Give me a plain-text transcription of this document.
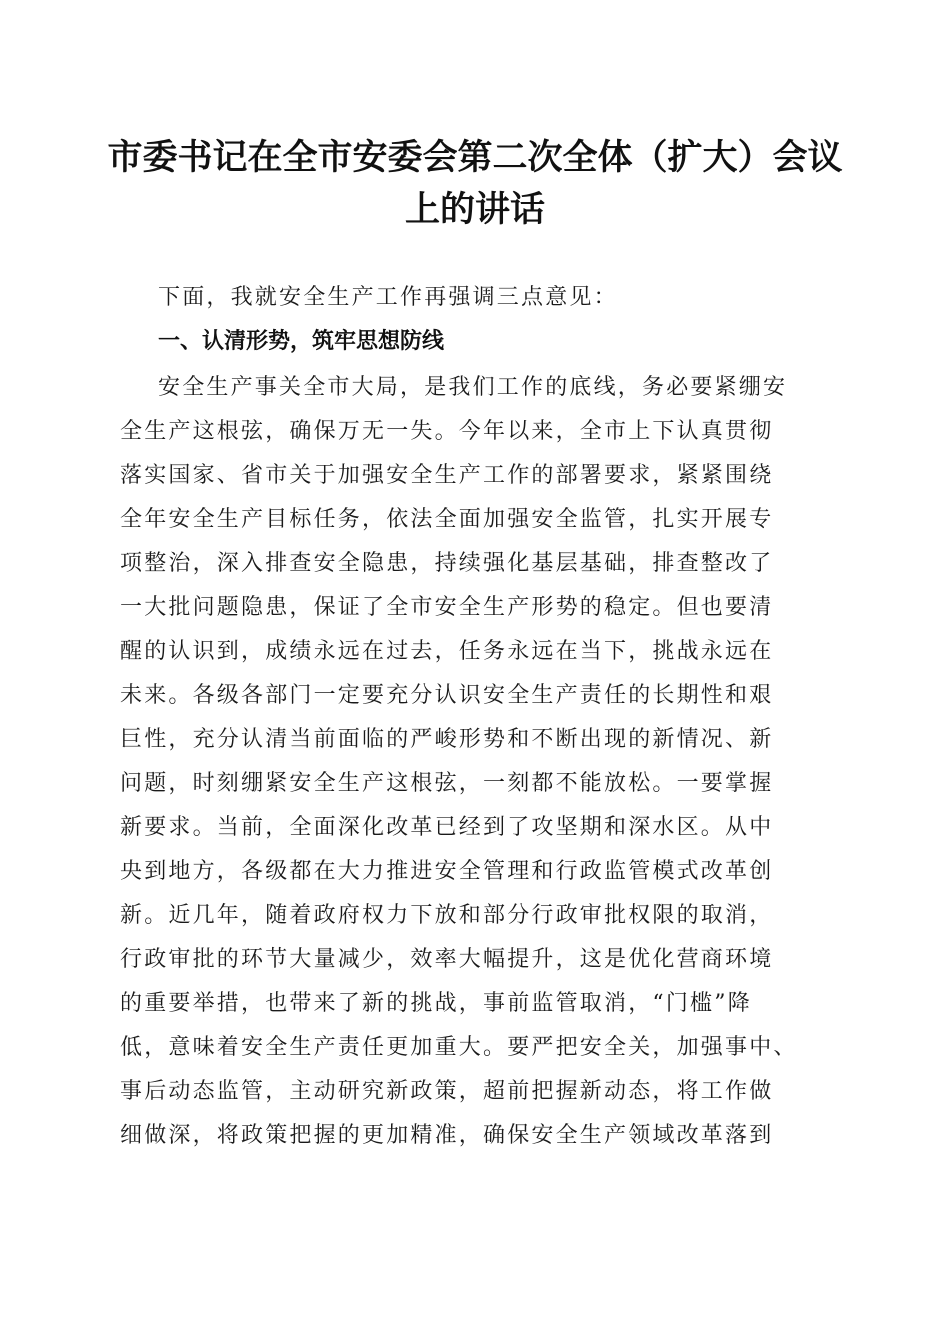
市委书记在全市安委会第二次全体（扩大）会议上的讲话

下面，我就安全生产工作再强调三点意见：

一、认清形势，筑牢思想防线

安全生产事关全市大局，是我们工作的底线，务必要紧绷安
全生产这根弦，确保万无一失。今年以来，全市上下认真贯彻
落实国家、省市关于加强安全生产工作的部署要求，紧紧围绕
全年安全生产目标任务，依法全面加强安全监管，扎实开展专
项整治，深入排查安全隐患，持续强化基层基础，排查整改了
一大批问题隐患，保证了全市安全生产形势的稳定。但也要清
醒的认识到，成绩永远在过去，任务永远在当下，挑战永远在
未来。各级各部门一定要充分认识安全生产责任的长期性和艰
巨性，充分认清当前面临的严峻形势和不断出现的新情况、新
问题，时刻绷紧安全生产这根弦，一刻都不能放松。一要掌握
新要求。当前，全面深化改革已经到了攻坚期和深水区。从中
央到地方，各级都在大力推进安全管理和行政监管模式改革创
新。近几年，随着政府权力下放和部分行政审批权限的取消，
行政审批的环节大量减少，效率大幅提升，这是优化营商环境
的重要举措，也带来了新的挑战，事前监管取消，“门槛”降
低，意味着安全生产责任更加重大。要严把安全关，加强事中、
事后动态监管，主动研究新政策，超前把握新动态，将工作做
细做深，将政策把握的更加精准，确保安全生产领域改革落到
